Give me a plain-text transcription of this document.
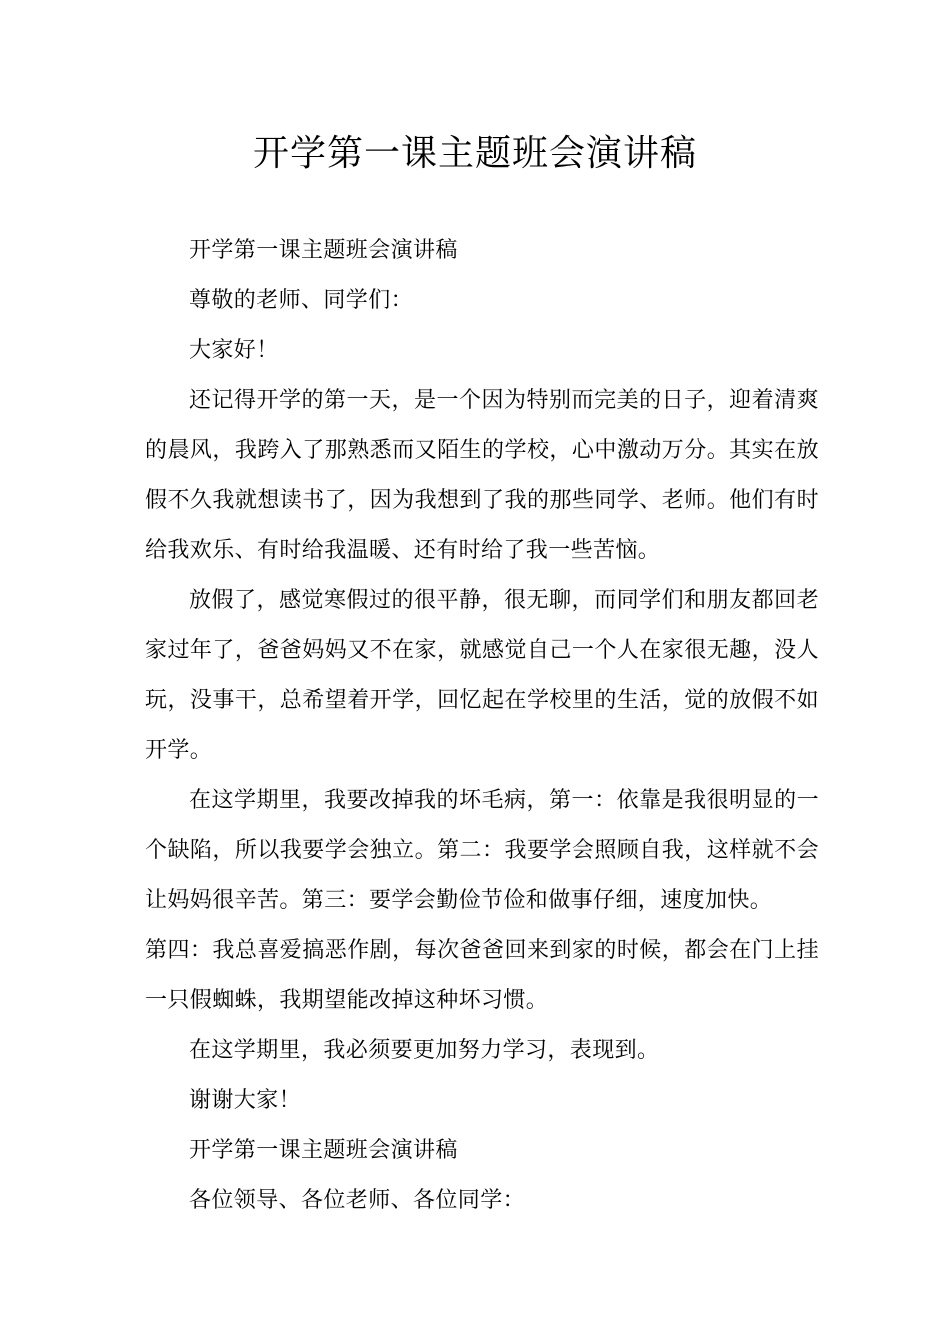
开学第一课主题班会演讲稿

开学第一课主题班会演讲稿

尊敬的老师、同学们：

大家好！

还记得开学的第一天，是一个因为特别而完美的日子，迎着清爽的晨风，我跨入了那熟悉而又陌生的学校，心中激动万分。其实在放假不久我就想读书了，因为我想到了我的那些同学、老师。他们有时给我欢乐、有时给我温暖、还有时给了我一些苦恼。

放假了，感觉寒假过的很平静，很无聊，而同学们和朋友都回老家过年了，爸爸妈妈又不在家，就感觉自己一个人在家很无趣，没人玩，没事干，总希望着开学，回忆起在学校里的生活，觉的放假不如开学。

在这学期里，我要改掉我的坏毛病，第一：依靠是我很明显的一个缺陷，所以我要学会独立。第二：我要学会照顾自我，这样就不会让妈妈很辛苦。第三：要学会勤俭节俭和做事仔细，速度加快。

第四：我总喜爱搞恶作剧，每次爸爸回来到家的时候，都会在门上挂一只假蜘蛛，我期望能改掉这种坏习惯。

在这学期里，我必须要更加努力学习，表现到。

谢谢大家！

开学第一课主题班会演讲稿

各位领导、各位老师、各位同学：
